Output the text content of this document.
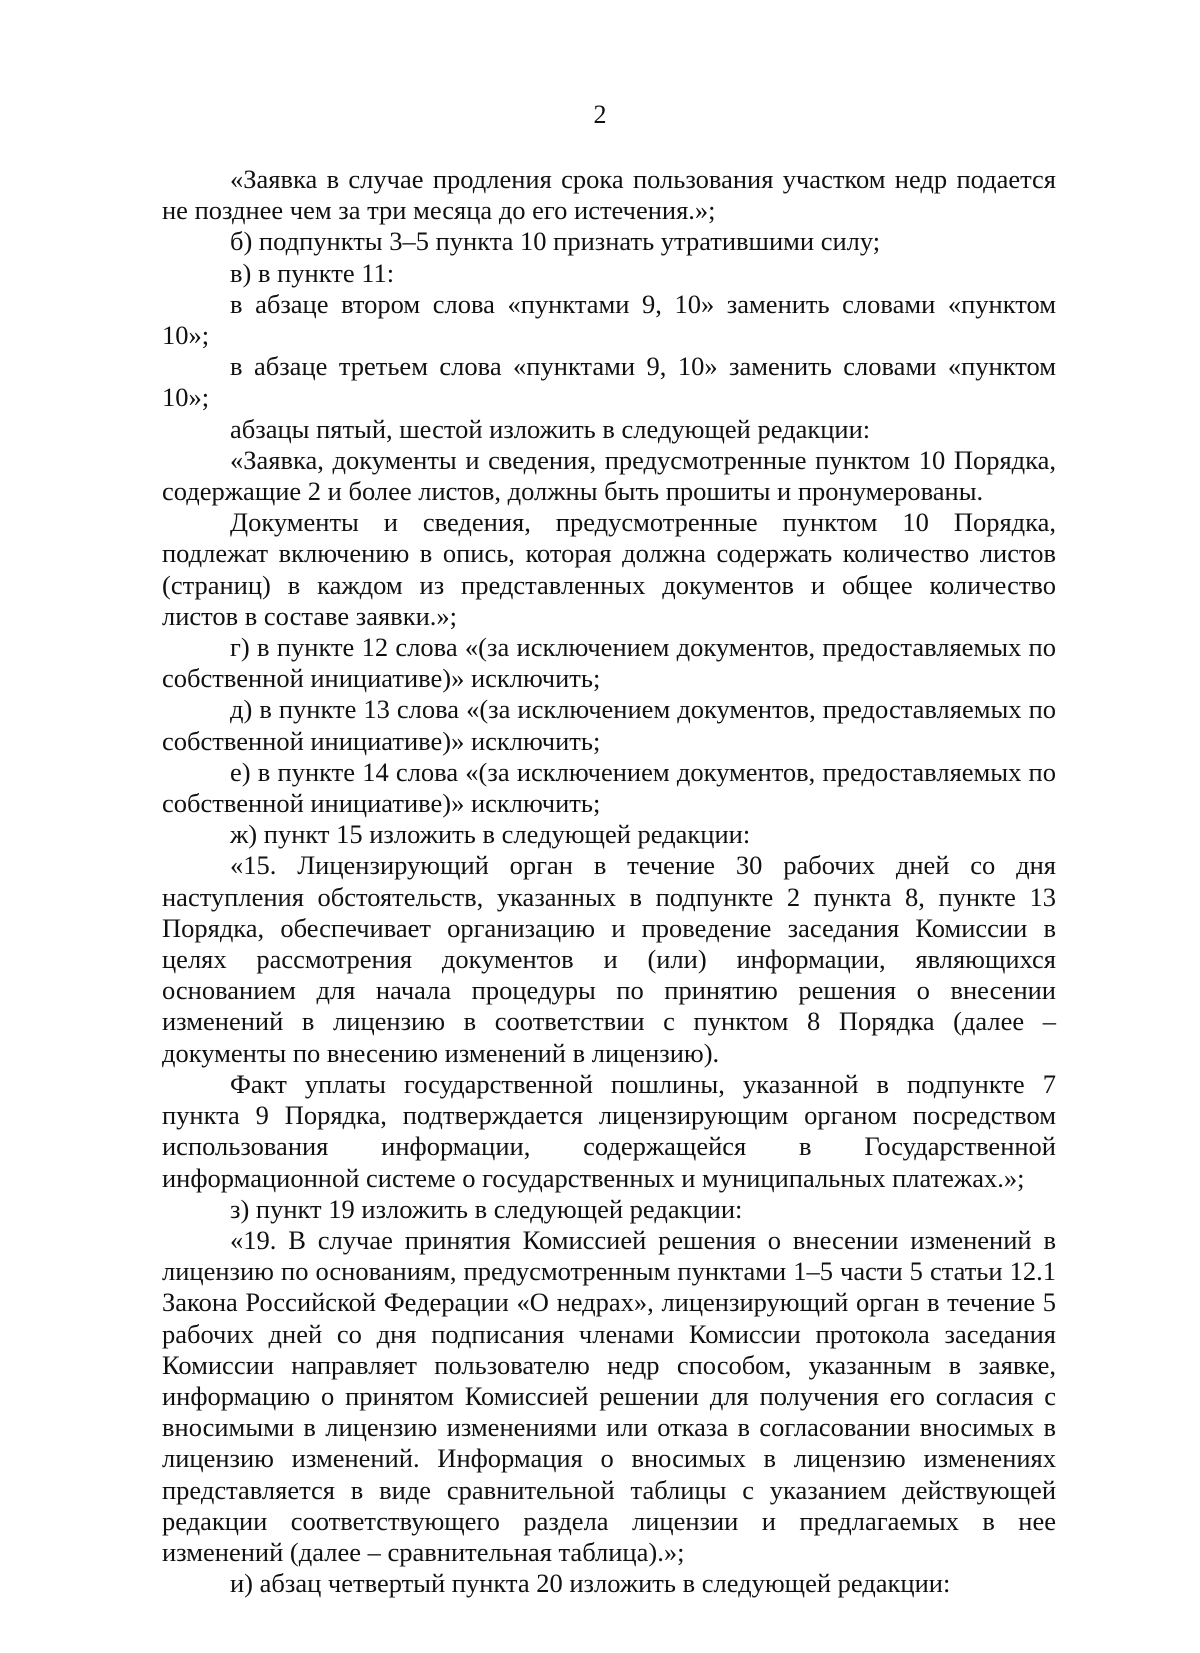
2

«Заявка в случае продления срока пользования участком недр подается не позднее чем за три месяца до его истечения.»;

б) подпункты 3–5 пункта 10 признать утратившими силу;

в) в пункте 11:

в абзаце втором слова «пунктами 9, 10» заменить словами «пунктом 10»;

в абзаце третьем слова «пунктами 9, 10» заменить словами «пунктом 10»;

абзацы пятый, шестой изложить в следующей редакции:

«Заявка, документы и сведения, предусмотренные пунктом 10 Порядка, содержащие 2 и более листов, должны быть прошиты и пронумерованы.

Документы и сведения, предусмотренные пунктом 10 Порядка, подлежат включению в опись, которая должна содержать количество листов (страниц) в каждом из представленных документов и общее количество листов в составе заявки.»;

г) в пункте 12 слова «(за исключением документов, предоставляемых по собственной инициативе)» исключить;

д) в пункте 13 слова «(за исключением документов, предоставляемых по собственной инициативе)» исключить;

е) в пункте 14 слова «(за исключением документов, предоставляемых по собственной инициативе)» исключить;

ж) пункт 15 изложить в следующей редакции:

«15. Лицензирующий орган в течение 30 рабочих дней со дня наступления обстоятельств, указанных в подпункте 2 пункта 8, пункте 13 Порядка, обеспечивает организацию и проведение заседания Комиссии в целях рассмотрения документов и (или) информации, являющихся основанием для начала процедуры по принятию решения о внесении изменений в лицензию в соответствии с пунктом 8 Порядка (далее – документы по внесению изменений в лицензию).

Факт уплаты государственной пошлины, указанной в подпункте 7 пункта 9 Порядка, подтверждается лицензирующим органом посредством использования информации, содержащейся в Государственной информационной системе о государственных и муниципальных платежах.»;

з) пункт 19 изложить в следующей редакции:

«19. В случае принятия Комиссией решения о внесении изменений в лицензию по основаниям, предусмотренным пунктами 1–5 части 5 статьи 12.1 Закона Российской Федерации «О недрах», лицензирующий орган в течение 5 рабочих дней со дня подписания членами Комиссии протокола заседания Комиссии направляет пользователю недр способом, указанным в заявке, информацию о принятом Комиссией решении для получения его согласия с вносимыми в лицензию изменениями или отказа в согласовании вносимых в лицензию изменений. Информация о вносимых в лицензию изменениях представляется в виде сравнительной таблицы с указанием действующей редакции соответствующего раздела лицензии и предлагаемых в нее изменений (далее – сравнительная таблица).»;

и) абзац четвертый пункта 20 изложить в следующей редакции:
